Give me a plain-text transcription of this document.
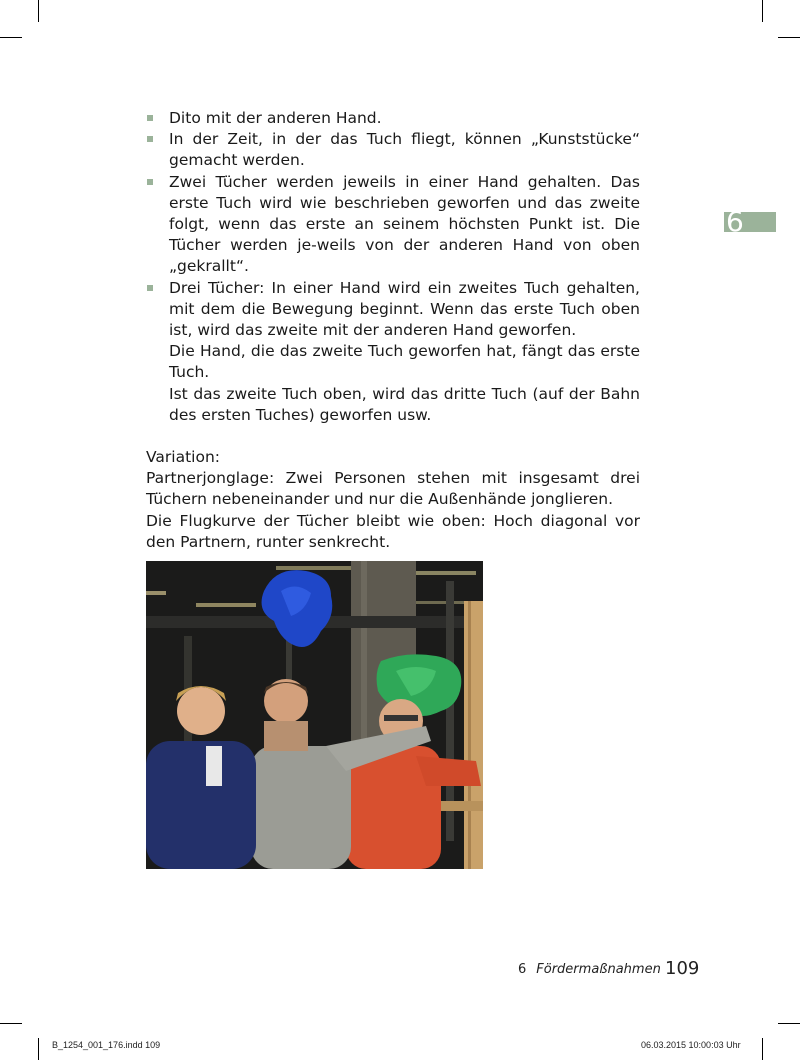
6

Dito mit der anderen Hand.

In der Zeit, in der das Tuch fliegt, können „Kunststücke“ gemacht werden.

Zwei Tücher werden jeweils in einer Hand gehalten. Das erste Tuch wird wie beschrieben geworfen und das zweite folgt, wenn das erste an seinem höchsten Punkt ist. Die Tücher werden je-weils von der anderen Hand von oben „gekrallt“.

Drei Tücher: In einer Hand wird ein zweites Tuch gehalten, mit dem die Bewegung beginnt. Wenn das erste Tuch oben ist, wird das zweite mit der anderen Hand geworfen.

Die Hand, die das zweite Tuch geworfen hat, fängt das erste Tuch.

Ist das zweite Tuch oben, wird das dritte Tuch (auf der Bahn des ersten Tuches) geworfen usw.

Variation:

Partnerjonglage: Zwei Personen stehen mit insgesamt drei Tüchern nebeneinander und nur die Außenhände jonglieren.

Die Flugkurve der Tücher bleibt wie oben: Hoch diagonal vor den Partnern, runter senkrecht.

6 Fördermaßnahmen 109
B_1254_001_176.indd 109	06.03.2015 10:00:03 Uhr
